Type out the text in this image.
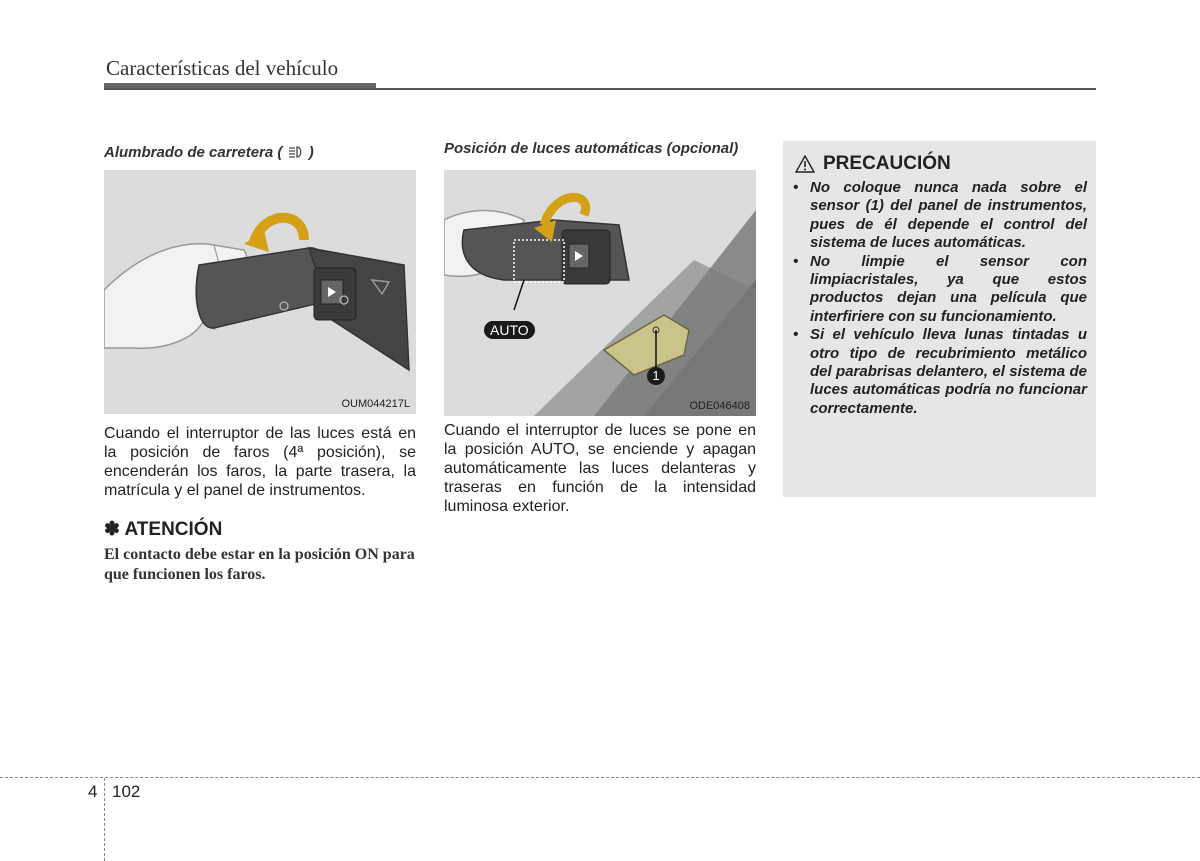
Características del vehículo

Alumbrado de carretera ( )

OUM044217L

Cuando el interruptor de las luces está en la posición de faros (4ª posición), se encenderán los faros, la parte trasera, la matrícula y el panel de instrumentos.

✽ ATENCIÓN

El contacto debe estar en la posición ON para que funcionen los faros.

Posición de luces automáticas (opcional)

AUTO
1
ODE046408

Cuando el interruptor de luces se pone en la posición AUTO, se enciende y apagan automáticamente las luces delanteras y traseras en función de la intensidad luminosa exterior.

PRECAUCIÓN
• No coloque nunca nada sobre el sensor (1) del panel de instrumentos, pues de él depende el control del sistema de luces automáticas.
• No limpie el sensor con limpiacristales, ya que estos productos dejan una película que interfiriere con su funcionamiento.
• Si el vehículo lleva lunas tintadas u otro tipo de recubrimiento metálico del parabrisas delantero, el sistema de luces automáticas podría no funcionar correctamente.
4 102
